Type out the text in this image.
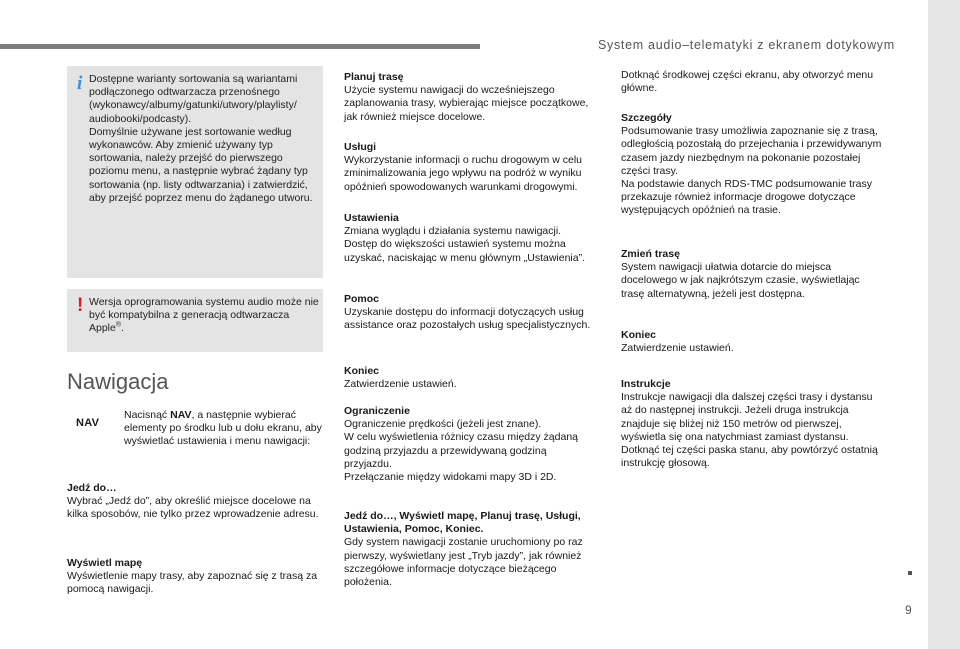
System audio–telematyki z ekranem dotykowym
9
i Dostępne warianty sortowania są wariantami podłączonego odtwarzacza przenośnego (wykonawcy/albumy/gatunki/utwory/playlisty/ audiobooki/podcasty).

Domyślnie używane jest sortowanie według wykonawców. Aby zmienić używany typ sortowania, należy przejść do pierwszego poziomu menu, a następnie wybrać żądany typ sortowania (np. listy odtwarzania) i zatwierdzić, aby przejść poprzez menu do żądanego utworu.

! Wersja oprogramowania systemu audio może nie być kompatybilna z generacją odtwarzacza Apple®.

Nawigacja
NAV

Nacisnąć NAV, a następnie wybierać elementy po środku lub u dołu ekranu, aby wyświetlać ustawienia i menu nawigacji:

Jedź do…
Wybrać „Jedź do”, aby określić miejsce docelowe na kilka sposobów, nie tylko przez wprowadzenie adresu.

Wyświetl mapę
Wyświetlenie mapy trasy, aby zapoznać się z trasą za pomocą nawigacji.

Planuj trasę
Użycie systemu nawigacji do wcześniejszego zaplanowania trasy, wybierając miejsce początkowe, jak również miejsce docelowe.

Usługi
Wykorzystanie informacji o ruchu drogowym w celu zminimalizowania jego wpływu na podróż w wyniku opóźnień spowodowanych warunkami drogowymi.

Ustawienia
Zmiana wyglądu i działania systemu nawigacji. Dostęp do większości ustawień systemu można uzyskać, naciskając w menu głównym „Ustawienia”.

Pomoc
Uzyskanie dostępu do informacji dotyczących usług assistance oraz pozostałych usług specjalistycznych.

Koniec
Zatwierdzenie ustawień.

Ograniczenie
Ograniczenie prędkości (jeżeli jest znane).
W celu wyświetlenia różnicy czasu między żądaną godziną przyjazdu a przewidywaną godziną przyjazdu.
Przełączanie między widokami mapy 3D i 2D.

Jedź do…, Wyświetl mapę, Planuj trasę, Usługi, Ustawienia, Pomoc, Koniec.
Gdy system nawigacji zostanie uruchomiony po raz pierwszy, wyświetlany jest „Tryb jazdy”, jak również szczegółowe informacje dotyczące bieżącego położenia.

Dotknąć środkowej części ekranu, aby otworzyć menu główne.

Szczegóły
Podsumowanie trasy umożliwia zapoznanie się z trasą, odległością pozostałą do przejechania i przewidywanym czasem jazdy niezbędnym na pokonanie pozostałej części trasy.
Na podstawie danych RDS-TMC podsumowanie trasy przekazuje również informacje drogowe dotyczące występujących opóźnień na trasie.

Zmień trasę
System nawigacji ułatwia dotarcie do miejsca docelowego w jak najkrótszym czasie, wyświetlając trasę alternatywną, jeżeli jest dostępna.

Koniec
Zatwierdzenie ustawień.

Instrukcje
Instrukcje nawigacji dla dalszej części trasy i dystansu aż do następnej instrukcji. Jeżeli druga instrukcja znajduje się bliżej niż 150 metrów od pierwszej, wyświetla się ona natychmiast zamiast dystansu.
Dotknąć tej części paska stanu, aby powtórzyć ostatnią instrukcję głosową.
